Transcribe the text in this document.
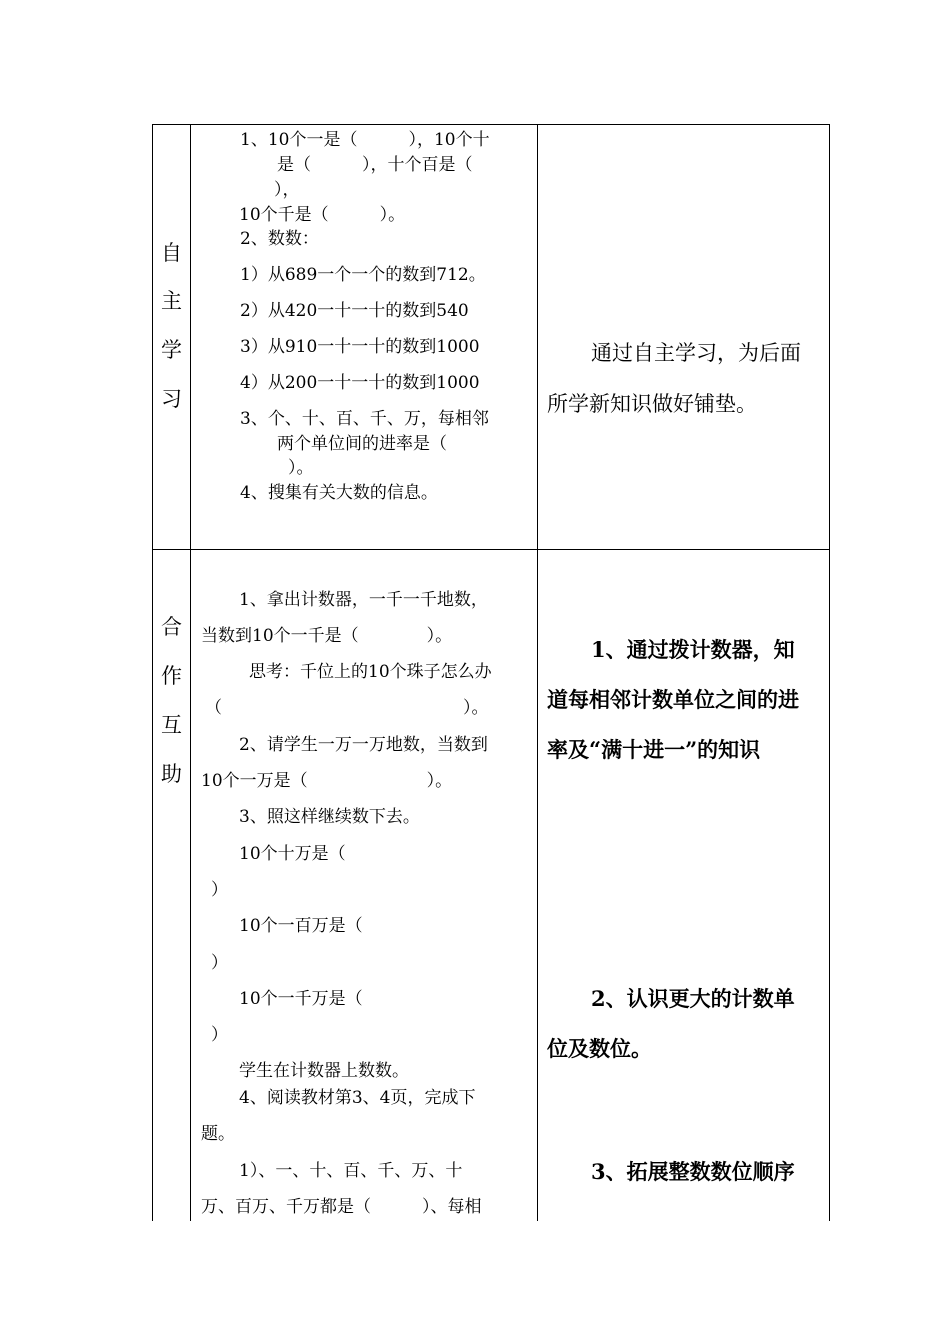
自
主
学
习
1、10个一是（　　　），10个十
是（　　　），十个百是（
），
10个千是（　　　）。
2、数数：
1）从689一个一个的数到712。
2）从420一十一十的数到540
3）从910一十一十的数到1000
4）从200一十一十的数到1000
3、个、十、百、千、万，每相邻
两个单位间的进率是（
）。
4、搜集有关大数的信息。
通过自主学习，为后面
所学新知识做好铺垫。
合
作
互
助
1、拿出计数器，一千一千地数，
当数到10个一千是（　　　　）。
思考：千位上的10个珠子怎么办
（	）。
2、请学生一万一万地数，当数到
10个一万是（　　　　　　　）。
3、照这样继续数下去。
10个十万是（
）
10个一百万是（
）
10个一千万是（
）
学生在计数器上数数。
4、阅读教材第3、4页，完成下
题。
1）、一、十、百、千、万、十
万、百万、千万都是（　　　）、每相
1、通过拨计数器，知
道每相邻计数单位之间的进
率及“满十进一”的知识
2、认识更大的计数单
位及数位。
3、拓展整数数位顺序
